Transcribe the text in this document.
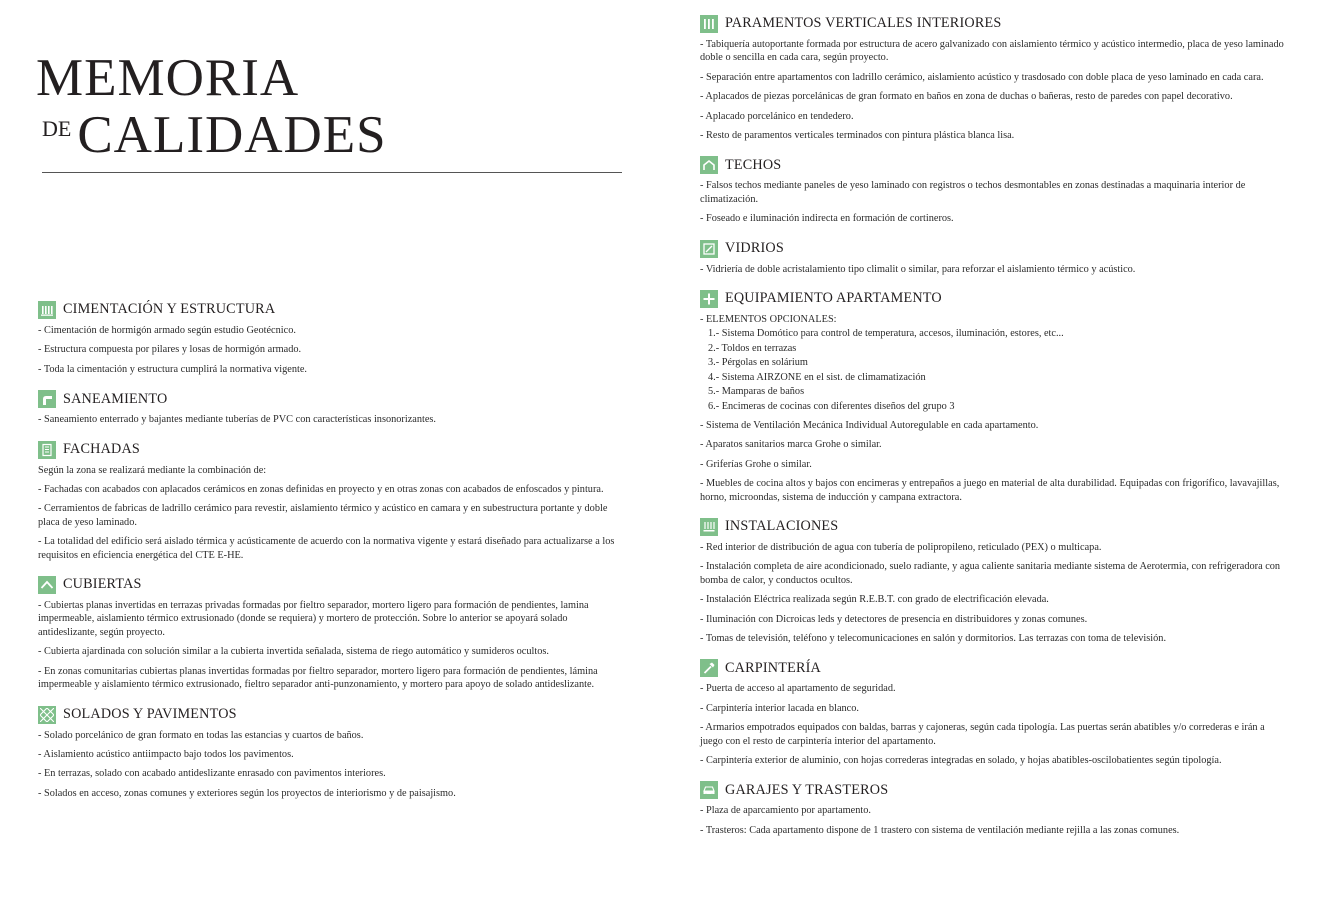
MEMORIA
DE CALIDADES
CIMENTACIÓN Y ESTRUCTURA
- Cimentación de hormigón armado según estudio Geotécnico.
- Estructura compuesta por pilares y losas de hormigón armado.
- Toda la cimentación y estructura cumplirá la normativa vigente.
SANEAMIENTO
- Saneamiento enterrado y bajantes mediante tuberías de PVC con características insonorizantes.
FACHADAS
Según la zona se realizará mediante la combinación de:
- Fachadas con acabados con aplacados cerámicos en zonas definidas en proyecto y en otras zonas con acabados de enfoscados y pintura.
- Cerramientos de fabricas de ladrillo cerámico para revestir, aislamiento térmico y acústico en camara y en subestructura portante y doble placa de yeso laminado.
- La totalidad del edificio será aislado térmica y acústicamente de acuerdo con la normativa vigente y estará diseñado para actualizarse a los requisitos en eficiencia energética del CTE E-HE.
CUBIERTAS
- Cubiertas planas invertidas en terrazas privadas formadas por fieltro separador, mortero ligero para formación de pendientes, lamina impermeable, aislamiento térmico extrusionado (donde se requiera) y mortero de protección. Sobre lo anterior se apoyará solado antideslizante, según proyecto.
- Cubierta ajardinada con solución similar a la cubierta invertida señalada, sistema de riego automático y sumideros ocultos.
- En zonas comunitarias cubiertas planas invertidas formadas por fieltro separador, mortero ligero para formación de pendientes, lámina impermeable y aislamiento térmico extrusionado, fieltro separador anti-punzonamiento, y mortero para apoyo de solado antideslizante.
SOLADOS Y PAVIMENTOS
- Solado porcelánico de gran formato en todas las estancias y cuartos de baños.
- Aislamiento acústico antiimpacto bajo todos los pavimentos.
- En terrazas, solado con acabado antideslizante enrasado con pavimentos interiores.
- Solados en acceso, zonas comunes y exteriores según los proyectos de interiorismo y de paisajismo.
PARAMENTOS VERTICALES INTERIORES
- Tabiquería autoportante formada por estructura de acero galvanizado con aislamiento térmico y acústico intermedio, placa de yeso laminado doble o sencilla en cada cara, según proyecto.
- Separación entre apartamentos con ladrillo cerámico, aislamiento acústico y trasdosado con doble placa de yeso laminado en cada cara.
- Aplacados de piezas porcelánicas de gran formato en baños en zona de duchas o bañeras, resto de paredes con papel decorativo.
- Aplacado porcelánico en tendedero.
- Resto de paramentos verticales terminados con pintura plástica blanca lisa.
TECHOS
- Falsos techos mediante paneles de yeso laminado con registros o techos desmontables en zonas destinadas a maquinaria interior de climatización.
- Foseado e iluminación indirecta en formación de cortineros.
VIDRIOS
- Vidriería de doble acristalamiento tipo climalit o similar, para reforzar el aislamiento térmico y acústico.
EQUIPAMIENTO APARTAMENTO
- ELEMENTOS OPCIONALES:
1.- Sistema Domótico para control de temperatura, accesos, iluminación, estores, etc...
2.- Toldos en terrazas
3.- Pérgolas en solárium
4.- Sistema AIRZONE en el sist. de climamatización
5.- Mamparas de baños
6.- Encimeras de cocinas con diferentes diseños del grupo 3
- Sistema de Ventilación Mecánica Individual Autoregulable en cada apartamento.
- Aparatos sanitarios marca Grohe o similar.
- Griferías Grohe o similar.
- Muebles de cocina altos y bajos con encimeras y entrepaños a juego en material de alta durabilidad. Equipadas con frigorífico, lavavajillas, horno, microondas, sistema de inducción y campana extractora.
INSTALACIONES
- Red interior de distribución de agua con tubería de polipropileno, reticulado (PEX) o multicapa.
- Instalación completa de aire acondicionado, suelo radiante, y agua caliente sanitaria mediante sistema de Aerotermia, con refrigeradora con bomba de calor, y conductos ocultos.
- Instalación Eléctrica realizada según R.E.B.T. con grado de electrificación elevada.
- Iluminación con Dicroicas leds y detectores de presencia en distribuidores y zonas comunes.
- Tomas de televisión, teléfono y telecomunicaciones en salón y dormitorios. Las terrazas con toma de televisión.
CARPINTERÍA
- Puerta de acceso al apartamento de seguridad.
- Carpintería interior lacada en blanco.
- Armarios empotrados equipados con baldas, barras y cajoneras, según cada tipología. Las puertas serán abatibles y/o correderas e irán a juego con el resto de carpintería interior del apartamento.
- Carpintería exterior de aluminio, con hojas correderas integradas en solado, y hojas abatibles-oscilobatientes según tipología.
GARAJES Y TRASTEROS
- Plaza de aparcamiento por apartamento.
- Trasteros: Cada apartamento dispone de 1 trastero con sistema de ventilación mediante rejilla a las zonas comunes.
